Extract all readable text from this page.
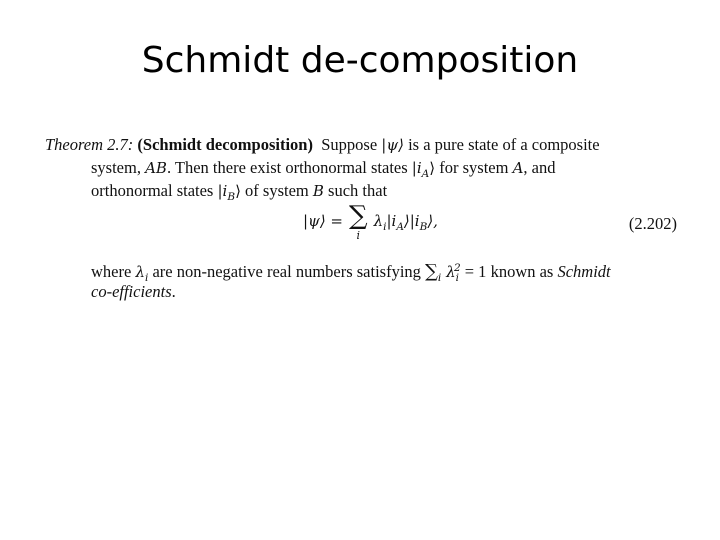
Schmidt de-composition
Theorem 2.7: (Schmidt decomposition) Suppose |ψ⟩ is a pure state of a composite
system, AB. Then there exist orthonormal states $|i_A⟩$ for system A, and
orthonormal states $|i_B⟩$ of system B such that
|ψ⟩ = ∑
i
$\lambda_i|i_A⟩|i_B⟩$,	(2.202)
where $\lambda_i$ are non-negative real numbers satisfying $\sum_i$ $\lambda_i^2 = 1$ known as Schmidt
co-efficients.
